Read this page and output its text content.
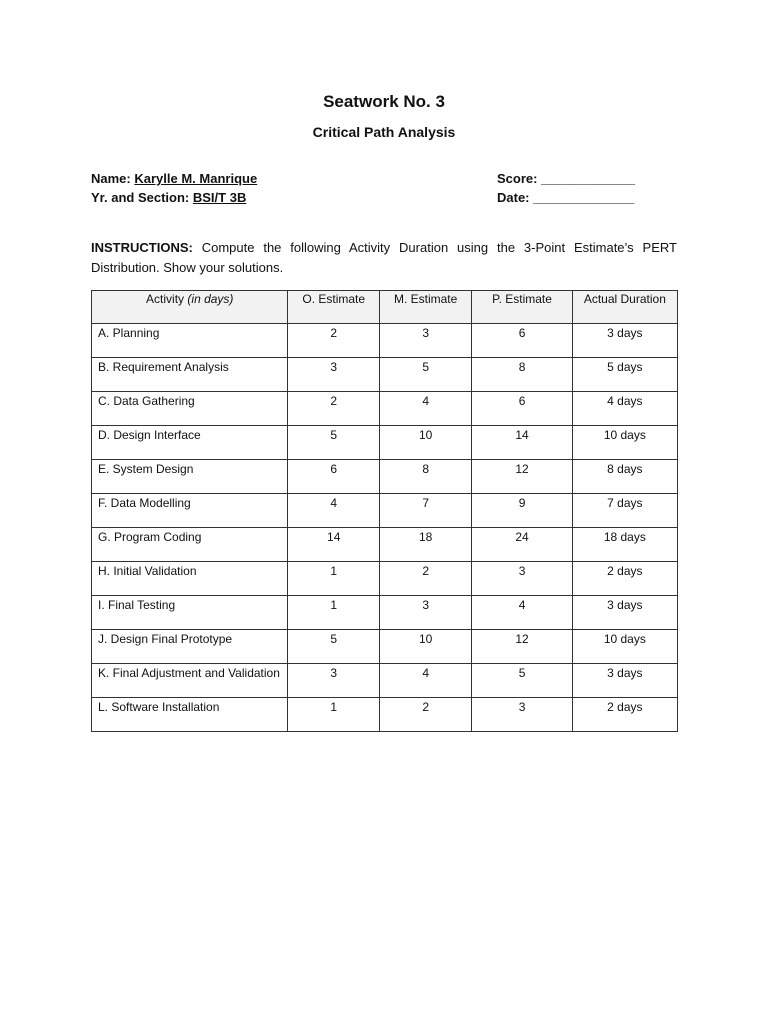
Seatwork No. 3
Critical Path Analysis
Name: Karylle M. Manrique
Yr. and Section: BSI/T 3B
Score: _____________
Date: ______________
INSTRUCTIONS: Compute the following Activity Duration using the 3-Point Estimate’s PERT Distribution. Show your solutions.
Activity (in days)	O. Estimate	M. Estimate	P. Estimate	Actual Duration
A. Planning	2	3	6	3 days
B. Requirement Analysis	3	5	8	5 days
C. Data Gathering	2	4	6	4 days
D. Design Interface	5	10	14	10 days
E. System Design	6	8	12	8 days
F. Data Modelling	4	7	9	7 days
G. Program Coding	14	18	24	18 days
H. Initial Validation	1	2	3	2 days
I. Final Testing	1	3	4	3 days
J. Design Final Prototype	5	10	12	10 days
K. Final Adjustment and Validation	3	4	5	3 days
L. Software Installation	1	2	3	2 days
